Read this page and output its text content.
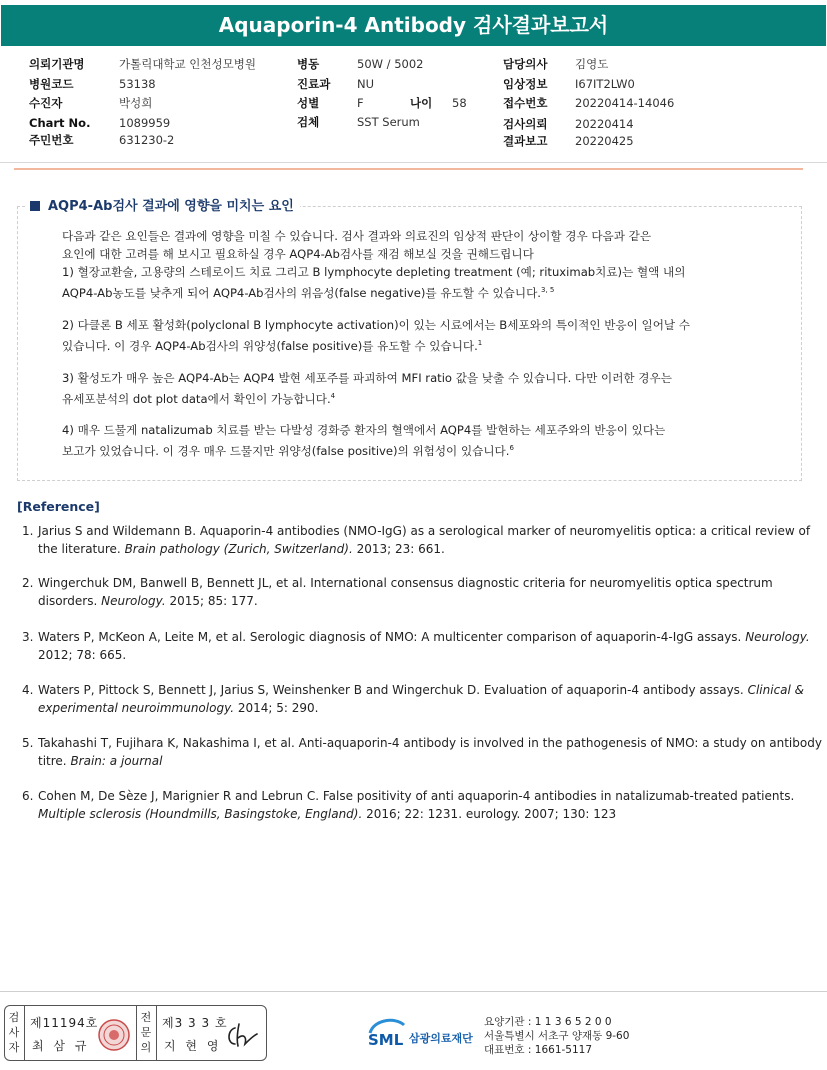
Aquaporin-4 Antibody 검사결과보고서
의뢰기관명	가톨릭대학교 인천성모병원
병원코드	53138
수진자	박성희
Chart No. 1089959
주민번호	631230-2
병동	50W / 5002
진료과 NU
성별	F	나이 58
검체	SST Serum
담당의사 김영도
임상정보 I67IT2LW0
접수번호 20220414-14046
검사의뢰 20220414
결과보고 20220425
AQP4-Ab검사 결과에 영향을 미치는 요인
다음과 같은 요인들은 결과에 영향을 미칠 수 있습니다. 검사 결과와 의료진의 임상적 판단이 상이할 경우 다음과 같은
요인에 대한 고려를 해 보시고 필요하실 경우 AQP4-Ab검사를 재검 해보실 것을 권해드립니다
1) 혈장교환술, 고용량의 스테로이드 치료 그리고 B lymphocyte depleting treatment (예; rituximab치료)는 혈액 내의
AQP4-Ab농도를 낮추게 되어 AQP4-Ab검사의 위음성(false negative)를 유도할 수 있습니다.$^{3, 5}$
2) 다클론 B 세포 활성화(polyclonal B lymphocyte activation)이 있는 시료에서는 B세포와의 특이적인 반응이 일어날 수
있습니다. 이 경우 AQP4-Ab검사의 위양성(false positive)를 유도할 수 있습니다.$^1$
3) 활성도가 매우 높은 AQP4-Ab는 AQP4 발현 세포주를 파괴하여 MFI ratio 값을 낮출 수 있습니다. 다만 이러한 경우는
유세포분석의 dot plot data에서 확인이 가능합니다.$^4$
4) 매우 드물게 natalizumab 치료를 받는 다발성 경화증 환자의 혈액에서 AQP4를 발현하는 세포주와의 반응이 있다는
보고가 있었습니다. 이 경우 매우 드물지만 위양성(false positive)의 위험성이 있습니다.$^6$
[Reference]
1. Jarius S and Wildemann B. Aquaporin-4 antibodies (NMO-IgG) as a serological marker of neuromyelitis optica: a critical review of the literature. Brain pathology (Zurich, Switzerland). 2013; 23: 661.
2. Wingerchuk DM, Banwell B, Bennett JL, et al. International consensus diagnostic criteria for neuromyelitis optica spectrum disorders. Neurology. 2015; 85: 177.
3. Waters P, McKeon A, Leite M, et al. Serologic diagnosis of NMO: A multicenter comparison of aquaporin-4-IgG assays. Neurology. 2012; 78: 665.
4. Waters P, Pittock S, Bennett J, Jarius S, Weinshenker B and Wingerchuk D. Evaluation of aquaporin-4 antibody assays. Clinical & experimental neuroimmunology. 2014; 5: 290.
5. Takahashi T, Fujihara K, Nakashima I, et al. Anti-aquaporin-4 antibody is involved in the pathogenesis of NMO: a study on antibody titre. Brain: a journal
6. Cohen M, De Sèze J, Marignier R and Lebrun C. False positivity of anti aquaporin-4 antibodies in natalizumab-treated patients. Multiple sclerosis (Houndmills, Basingstoke, England). 2016; 22: 1231. eurology. 2007; 130: 123
검사자
제11194호
최 삼 규
전문의
제3 3 3 호
지 현 영	SML 삼광의료재단
요양기관 : 1 1 3 6 5 2 0 0
서울특별시 서초구 양재동 9-60
대표번호 : 1661-5117
